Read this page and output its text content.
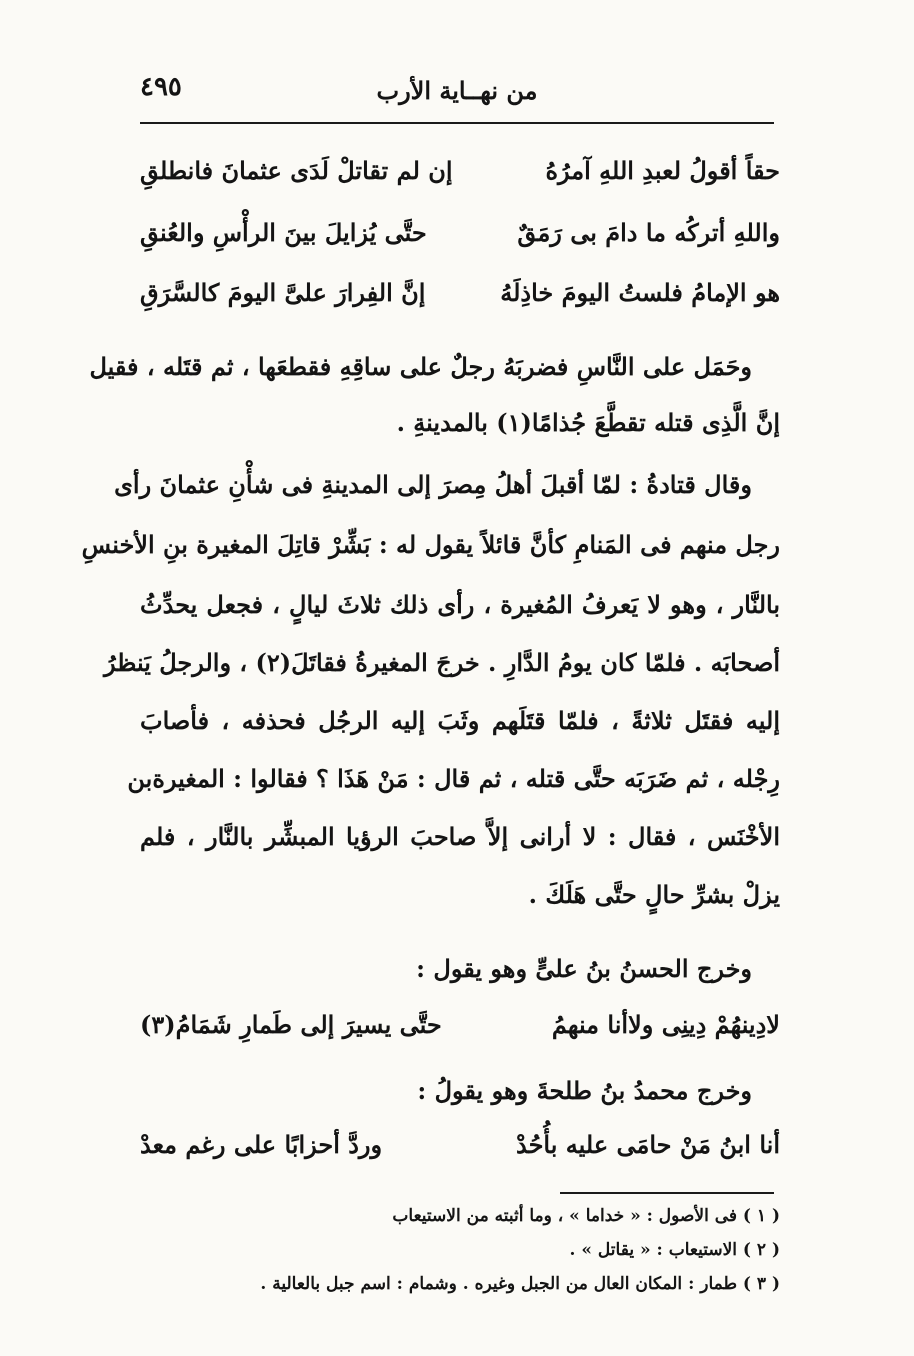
٤٩٥	من نهــاية الأرب
حقاً أقولُ لعبدِ اللهِ آمرُهُ
إن لم تقاتلْ لَدَى عثمانَ فانطلقِ
واللهِ أتركُه ما دامَ بى رَمَقٌ
حتَّى يُزايلَ بينَ الرأْسِ والعُنقِ
هو الإمامُ فلستُ اليومَ خاذِلَهُ
إنَّ الفِرارَ علىَّ اليومَ كالسَّرَقِ
وحَمَل على النَّاسِ فضربَهُ رجلٌ على ساقِهِ فقطعَها ، ثم قتَله ، فقيل
إنَّ الَّذِى قتله تقطَّعَ جُذامًا(١) بالمدينةِ .
وقال قتادةُ : لمّا أقبلَ أهلُ مِصرَ إلى المدينةِ فى شأْنِ عثمانَ رأى
رجل منهم فى المَنامِ كأنَّ قائلاً يقول له : بَشِّرْ قاتِلَ المغيرة بنِ الأخنسِ
بالنَّار ، وهو لا يَعرفُ المُغيرة ، رأى ذلك ثلاثَ ليالٍ ، فجعل يحدِّثُ
أصحابَه . فلمّا كان يومُ الدَّارِ . خرجَ المغيرةُ فقاتَلَ(٢) ، والرجلُ يَنظرُ
إليه فقتَل ثلاثةً ، فلمّا قتَلَهم وثَبَ إليه الرجُل فحذفه ، فأصابَ
رِجْله ، ثم ضَرَبَه حتَّى قتله ، ثم قال : مَنْ هَذَا ؟ فقالوا : المغيرةبن
الأخْنَس ، فقال : لا أرانى إلاَّ صاحبَ الرؤيا المبشِّر بالنَّار ، فلم
يزلْ بشرِّ حالٍ حتَّى هَلَكَ .
وخرج الحسنُ بنُ علىٍّ وهو يقول :
لادِينهُمْ دِينِى ولاأنا منهمُ
حتَّى يسيرَ إلى طَمارِ شَمَامُ(٣)
وخرج محمدُ بنُ طلحةَ وهو يقولُ :
أنا ابنُ مَنْ حامَى عليه بأُحُدْ
وردَّ أحزابًا على رغم معدْ
( ١ ) فى الأصول : « خداما » ، وما أثبته من الاستيعاب
( ٢ ) الاستيعاب : « يقاتل » .
( ٣ ) طمار : المكان العال من الجبل وغيره . وشمام : اسم جبل بالعالية .
